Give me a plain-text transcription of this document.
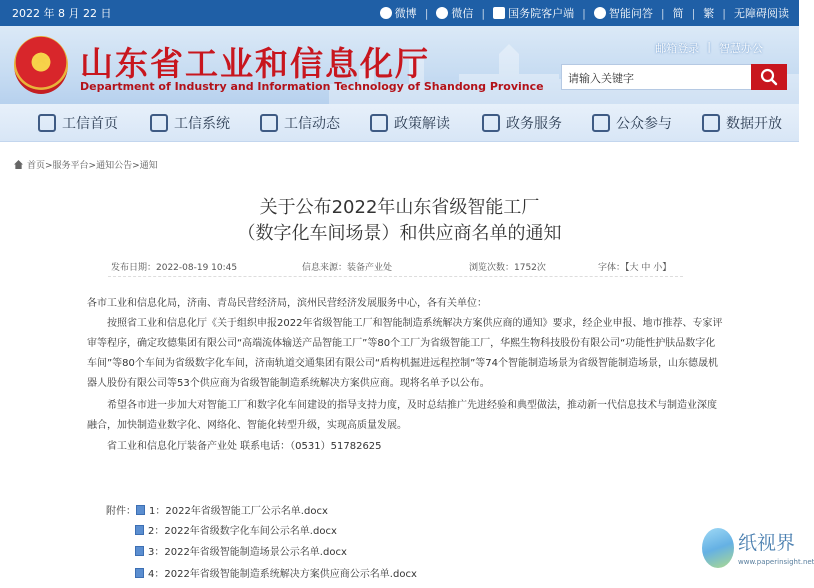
2022 年 8 月 22 日	微博 |	微信 |	国务院客户端 |	智能问答 | 简 | 繁 | 无障碍阅读
山东省工业和信息化厅
Department of Industry and Information Technology of Shandong Province
邮箱登录 | 智慧办公
请输入关键字
工信首页	工信系统	工信动态	政策解读	政务服务	公众参与	数据开放
首页>服务平台>通知公告>通知
关于公布2022年山东省级智能工厂
（数字化车间场景）和供应商名单的通知
发布日期：2022-08-19 10:45	信息来源：装备产业处	浏览次数：1752次	字体：【大 中 小】
各市工业和信息化局，济南、青岛民营经济局，滨州民营经济发展服务中心，各有关单位：
按照省工业和信息化厅《关于组织申报2022年省级智能工厂和智能制造系统解决方案供应商的通知》要求，经企业申报、地市推荐、专家评审等程序，确定玫德集团有限公司“高端流体输送产品智能工厂”等80个工厂为省级智能工厂，华熙生物科技股份有限公司“功能性护肤品数字化车间”等80个车间为省级数字化车间，济南轨道交通集团有限公司“盾构机掘进远程控制”等74个智能制造场景为省级智能制造场景，山东德晟机器人股份有限公司等53个供应商为省级智能制造系统解决方案供应商。现将名单予以公布。
希望各市进一步加大对智能工厂和数字化车间建设的指导支持力度，及时总结推广先进经验和典型做法，推动新一代信息技术与制造业深度融合，加快制造业数字化、网络化、智能化转型升级，实现高质量发展。
省工业和信息化厅装备产业处 联系电话：（0531）51782625
附件： 1：2022年省级智能工厂公示名单.docx
2：2022年省级数字化车间公示名单.docx
3：2022年省级智能制造场景公示名单.docx
4：2022年省级智能制造系统解决方案供应商公示名单.docx
纸视界
www.paperinsight.net
